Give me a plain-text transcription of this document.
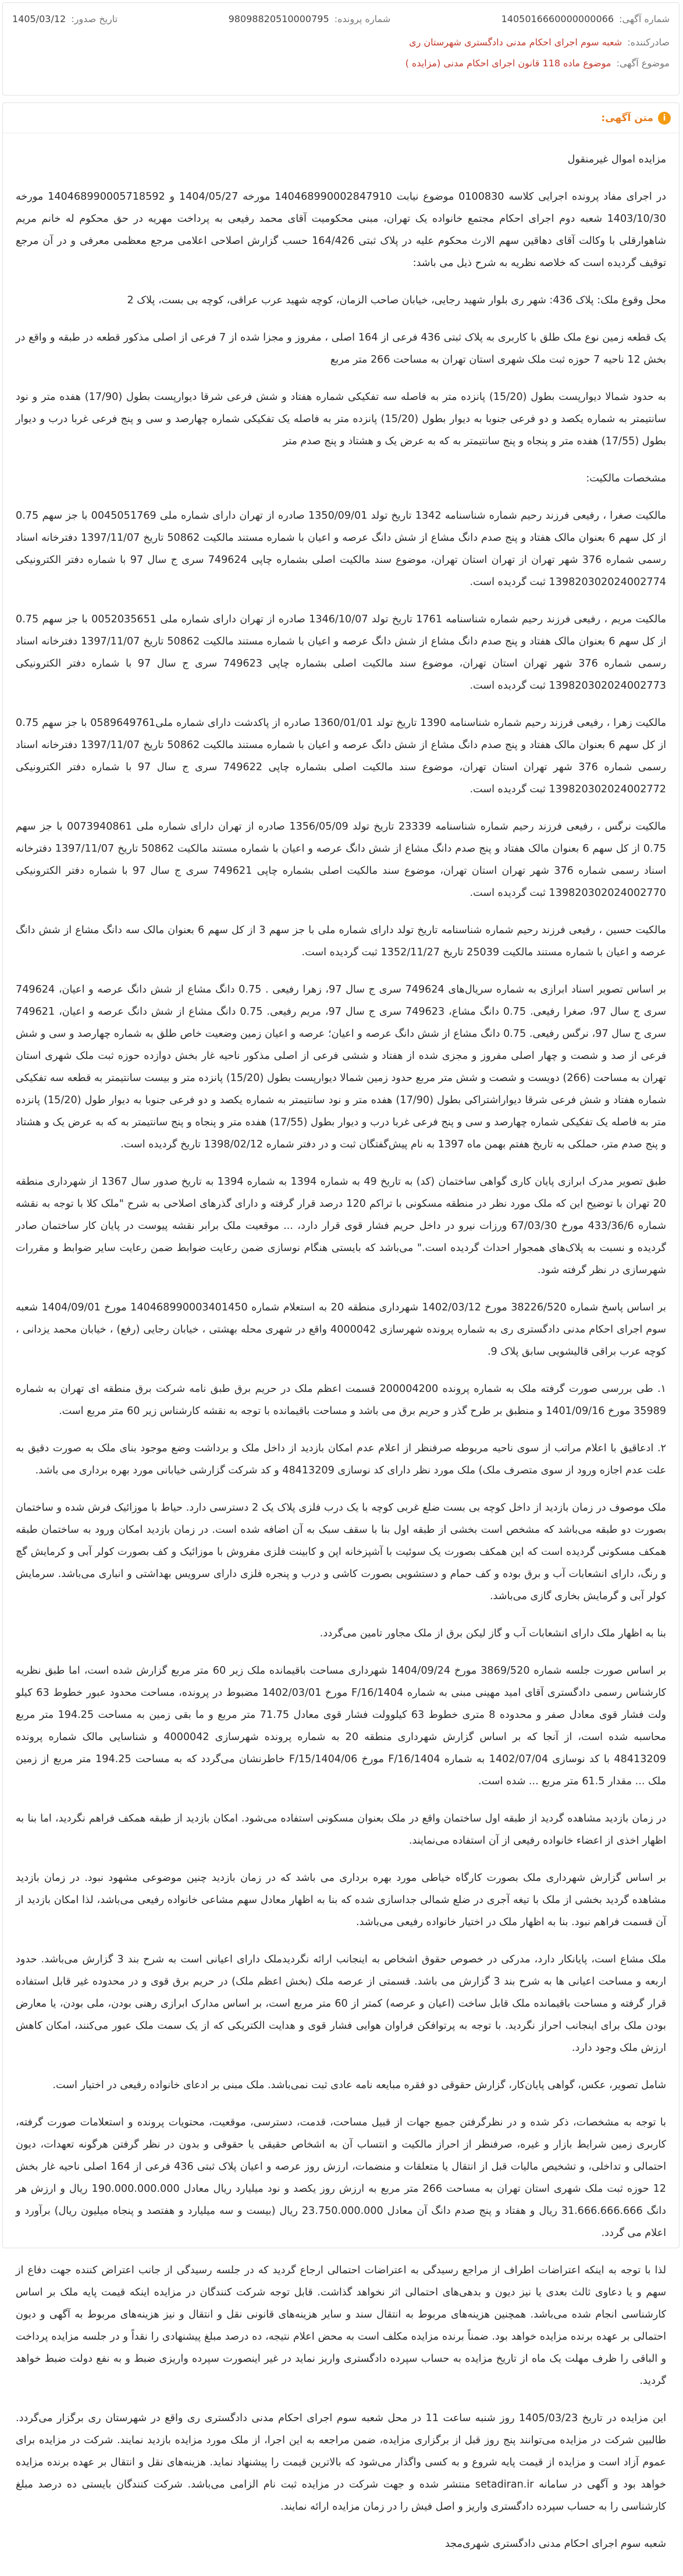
شماره آگهی: 1405016660000000066
شماره پرونده: 98098820510000795
تاریخ صدور: 1405/03/12
صادرکننده: شعبه سوم اجرای احکام مدنی دادگستری شهرستان ری
موضوع آگهی: موضوع ماده 118 قانون اجرای احکام مدنی (مزایده )
i
متن آگهی:

مزایده اموال غیرمنقول

در اجرای مفاد پرونده اجرایی کلاسه 0100830 موضوع نیابت 140468990002847910 مورخه 1404/05/27 و 140468990005718592 مورخه 1403/10/30 شعبه دوم اجرای احکام مجتمع خانواده یک تهران، مبنی محکومیت آقای محمد رفیعی به پرداخت مهریه در حق محکوم له خانم مریم شاهوارقلی با وکالت آقای دهاقین سهم الارث محکوم علیه در پلاک ثبتی 164/426 حسب گزارش اصلاحی اعلامی مرجع معظمی معرفی و در آن مرجع توقیف گردیده است که خلاصه نظریه به شرح ذیل می باشد:

محل وقوع ملک: پلاک 436: شهر ری بلوار شهید رجایی، خیابان صاحب الزمان، کوچه شهید عرب عراقی، کوچه بی بست، پلاک 2

یک قطعه زمین نوع ملک طلق با کاربری به پلاک ثبتی 436 فرعی از 164 اصلی ، مفروز و مجزا شده از 7 فرعی از اصلی مذکور قطعه در طبقه و واقع در بخش 12 ناحیه 7 حوزه ثبت ملک شهری استان تهران به مساحت 266 متر مربع

به حدود شمالا دیوارپست بطول (15/20) پانزده متر به فاصله سه تفکیکی شماره هفتاد و شش فرعی شرقا دیوارپست بطول (17/90) هفده متر و نود سانتیمتر به شماره یکصد و دو فرعی جنوبا به دیوار بطول (15/20) پانزده متر به فاصله یک تفکیکی شماره چهارصد و سی و پنج فرعی غربا درب و دیوار بطول (17/55) هفده متر و پنجاه و پنج سانتیمتر به که به عرض یک و هشتاد و پنج صدم متر

مشخصات مالکیت:

مالکیت صغرا ، رفیعی فرزند رحیم شماره شناسنامه 1342 تاریخ تولد 1350/09/01 صادره از تهران دارای شماره ملی 0045051769 با جز سهم 0.75 از کل سهم 6 بعنوان مالک هفتاد و پنج صدم دانگ مشاع از شش دانگ عرصه و اعیان با شماره مستند مالکیت 50862 تاریخ 1397/11/07 دفترخانه اسناد رسمی شماره 376 شهر تهران از تهران استان تهران، موضوع سند مالکیت اصلی بشماره چاپی 749624 سری ج سال 97 با شماره دفتر الکترونیکی 139820302024002774 ثبت گردیده است.

مالکیت مریم ، رفیعی فرزند رحیم شماره شناسنامه 1761 تاریخ تولد 1346/10/07 صادره از تهران دارای شماره ملی 0052035651 با جز سهم 0.75 از کل سهم 6 بعنوان مالک هفتاد و پنج صدم دانگ مشاع از شش دانگ عرصه و اعیان با شماره مستند مالکیت 50862 تاریخ 1397/11/07 دفترخانه اسناد رسمی شماره 376 شهر تهران استان تهران، موضوع سند مالکیت اصلی بشماره چاپی 749623 سری ج سال 97 با شماره دفتر الکترونیکی 139820302024002773 ثبت گردیده است.

مالکیت زهرا ، رفیعی فرزند رحیم شماره شناسنامه 1390 تاریخ تولد 1360/01/01 صادره از پاکدشت دارای شماره ملی0589649761 با جز سهم 0.75 از کل سهم 6 بعنوان مالک هفتاد و پنج صدم دانگ مشاع از شش دانگ عرصه و اعیان با شماره مستند مالکیت 50862 تاریخ 1397/11/07 دفترخانه اسناد رسمی شماره 376 شهر تهران استان تهران، موضوع سند مالکیت اصلی بشماره چاپی 749622 سری ج سال 97 با شماره دفتر الکترونیکی 139820302024002772 ثبت گردیده است.

مالکیت نرگس ، رفیعی فرزند رحیم شماره شناسنامه 23339 تاریخ تولد 1356/05/09 صادره از تهران دارای شماره ملی 0073940861 با جز سهم 0.75 از کل سهم 6 بعنوان مالک هفتاد و پنج صدم دانگ مشاع از شش دانگ عرصه و اعیان با شماره مستند مالکیت 50862 تاریخ 1397/11/07 دفترخانه اسناد رسمی شماره 376 شهر تهران استان تهران، موضوع سند مالکیت اصلی بشماره چاپی 749621 سری ج سال 97 با شماره دفتر الکترونیکی 139820302024002770 ثبت گردیده است.

مالکیت حسین ، رفیعی فرزند رحیم شماره شناسنامه تاریخ تولد دارای شماره ملی با جز سهم 3 از کل سهم 6 بعنوان مالک سه دانگ مشاع از شش دانگ عرصه و اعیان با شماره مستند مالکیت 25039 تاریخ 1352/11/27 ثبت گردیده است.

بر اساس تصویر اسناد ابرازی به شماره سریال‌های 749624 سری ج سال 97، زهرا رفیعی . 0.75 دانگ مشاع از شش دانگ عرصه و اعیان، 749624 سری ج سال 97، صغرا رفیعی. 0.75 دانگ مشاع، 749623 سری ج سال 97، مریم رفیعی. 0.75 دانگ مشاع از شش دانگ عرصه و اعیان، 749621 سری ج سال 97، نرگس رفیعی. 0.75 دانگ مشاع از شش دانگ عرصه و اعیان؛ عرصه و اعیان زمین وضعیت خاص طلق به شماره چهارصد و سی و شش فرعی از صد و شصت و چهار اصلی مفروز و مجزی شده از هفتاد و ششی فرعی از اصلی مذکور ناحیه غار بخش دوازده حوزه ثبت ملک شهری استان تهران به مساحت (266) دویست و شصت و شش متر مربع حدود زمین شمالا دیوارپست بطول (15/20) پانزده متر و بیست سانتیمتر به قطعه سه تفکیکی شماره هفتاد و شش فرعی شرقا دیواراشتراکی بطول (17/90) هفده متر و نود سانتیمتر به شماره یکصد و دو فرعی جنوبا به دیوار طول (15/20) پانزده متر به فاصله یک تفکیکی شماره چهارصد و سی و پنج فرعی غربا درب و دیوار بطول (17/55) هفده متر و پنجاه و پنج سانتیمتر به که به عرض یک و هشتاد و پنج صدم متر، حملکی به تاریخ هفتم بهمن ماه 1397 به نام پیش‌گفتگان ثبت و در دفتر شماره 1398/02/12 تاریخ گردیده است.

طبق تصویر مدرک ابرازی پایان کاری گواهی ساختمان (کد) به تاریخ 49 به شماره 1394 به شماره 1394 به تاریخ صدور سال 1367 از شهرداری منطقه 20 تهران با توضیح این که ملک مورد نظر در منطقه مسکونی با تراکم 120 درصد قرار گرفته و دارای گذرهای اصلاحی به شرح "ملک کلا با توجه به نقشه شماره 433/36/6 مورخ 67/03/30 ورزات نیرو در داخل حریم فشار قوی قرار دارد، ... موقعیت ملک برابر نقشه پیوست در پایان کار ساختمان صادر گردیده و نسبت به پلاک‌های همجوار احداث گردیده است." می‌باشد که بایستی هنگام نوسازی ضمن رعایت ضوابط ضمن رعایت سایر ضوابط و مقررات شهرسازی در نظر گرفته شود.

بر اساس پاسخ شماره 38226/520 مورخ 1402/03/12 شهرداری منطقه 20 به استعلام شماره 140468990003401450 مورخ 1404/09/01 شعبه سوم اجرای احکام مدنی دادگستری ری به شماره پرونده شهرسازی 4000042 واقع در شهری محله بهشتی ، خیابان رجایی (رفع) ، خیابان محمد یزدانی ، کوچه عرب براقی قالیشویی سابق پلاک 9.

۱. طی بررسی صورت گرفته ملک به شماره پرونده 200004200 قسمت اعظم ملک در حریم برق طبق نامه شرکت برق منطقه ای تهران به شماره 35989 مورخ 1401/09/16 و منطبق بر طرح گذر و حریم برق می باشد و مساحت باقیمانده با توجه به نقشه کارشناس زیر 60 متر مربع است.

۲. ادعاقیق با اعلام مراتب از سوی ناحیه مربوطه صرفنظر از اعلام عدم امکان بازدید از داخل ملک و برداشت وضع موجود بنای ملک به صورت دقیق به علت عدم اجازه ورود از سوی متصرف ملک) ملک مورد نظر دارای کد نوسازی 48413209 و کد شرکت گزارشی خیابانی مورد بهره برداری می باشد.

ملک موصوف در زمان بازدید از داخل کوچه بی بست ضلع غربی کوچه با یک درب فلزی پلاک یک 2 دسترسی دارد. حیاط با موزائیک فرش شده و ساختمان بصورت دو طبقه می‌باشد که مشخص است بخشی از طبقه اول بنا با سقف سبک به آن اضافه شده است. در زمان بازدید امکان ورود به ساختمان طبقه همکف مسکونی گردیده است که این همکف بصورت یک سوئیت با آشپزخانه اپن و کابینت فلزی مفروش با موزائیک و کف بصورت کولر آبی و کرمایش گچ و رنگ، دارای انشعابات آب و برق بوده و کف حمام و دستشویی بصورت کاشی و درب و پنجره فلزی دارای سرویس بهداشتی و انباری می‌باشد. سرمایش کولر آبی و گرمایش بخاری گازی می‌باشد.

بنا به اظهار ملک دارای انشعابات آب و گاز لیکن برق از ملک مجاور تامین می‌گردد.

بر اساس صورت جلسه شماره 3869/520 مورخ 1404/09/24 شهرداری مساحت باقیمانده ملک زیر 60 متر مربع گزارش شده است، اما طبق نظریه کارشناس رسمی دادگستری آقای امید مهینی مبنی به شماره 1404/F/16 مورخ 1402/03/01 مضبوط در پرونده، مساحت محدود عبور خطوط 63 کیلو ولت فشار قوی معادل صفر و محدوده 8 متری خطوط 63 کیلوولت فشار قوی معادل 71.75 متر مربع و ما بقی زمین به مساحت 194.25 متر مربع محاسبه شده است، از آنجا که بر اساس گزارش شهرداری منطقه 20 به شماره پرونده شهرسازی 4000042 و شناسایی مالک شماره پرونده 48413209 با کد نوسازی 1402/07/04 به شماره 1404/F/16 مورخ 1404/06/F/15 خاطرنشان می‌گردد که به مساحت 194.25 متر مربع از زمین ملک ... مقدار 61.5 متر مربع ... شده است.

در زمان بازدید مشاهده گردید از طبقه اول ساختمان واقع در ملک بعنوان مسکونی استفاده می‌شود. امکان بازدید از طبقه همکف فراهم نگردید، اما بنا به اظهار اخذی از اعضاء خانواده رفیعی از آن استفاده می‌نمایند.

بر اساس گزارش شهرداری ملک بصورت کارگاه خیاطی مورد بهره برداری می باشد که در زمان بازدید چنین موضوعی مشهود نبود. در زمان بازدید مشاهده گردید بخشی از ملک با تیغه آجری در ضلع شمالی جداسازی شده که بنا به اظهار معادل سهم مشاعی خانواده رفیعی می‌باشد، لذا امکان بازدید از آن قسمت فراهم نبود. بنا به اظهار ملک در اختیار خانواده رفیعی می‌باشد.

ملک مشاع است، پایانکار دارد، مدرکی در خصوص حقوق اشخاص به اینجانب ارائه نگردیدملک دارای اعیانی است به شرح بند 3 گزارش می‌باشد. حدود اربعه و مساحت اعیانی ها به شرح بند 3 گزارش می باشد. قسمتی از عرصه ملک (بخش اعظم ملک) در حریم برق قوی و در محدوده غیر قابل استفاده قرار گرفته و مساحت باقیمانده ملک قابل ساخت (اعیان و عرصه) کمتر از 60 متر مربع است، بر اساس مدارک ابرازی رهنی بودن، ملی بودن، یا معارض بودن ملک برای اینجانب احراز نگردید. با توجه به پرتوافکن فراوان هوایی فشار قوی و هدایت الکتریکی که از یک سمت ملک عبور می‌کنند، امکان کاهش ارزش ملک وجود دارد.

شامل تصویر، عکس، گواهی پایان‌کار، گزارش حقوقی دو فقره مبایعه نامه عادی ثبت نمی‌باشد. ملک مبنی بر ادعای خانواده رفیعی در اختیار است.

با توجه به مشخصات، ذکر شده و در نظرگرفتن جمیع جهات از قبیل مساحت، قدمت، دسترسی، موقعیت، محتویات پرونده و استعلامات صورت گرفته، کاربری زمین شرایط بازار و غیره، صرفنظر از احراز مالکیت و انتساب آن به اشخاص حقیقی یا حقوقی و بدون در نظر گرفتن هرگونه تعهدات، دیون احتمالی و تداخلی، و تشخیص مالیات قبل از انتقال یا متعلقات و منضمات، ارزش روز عرصه و اعیان پلاک ثبتی 436 فرعی از 164 اصلی ناحیه غار بخش 12 حوزه ثبت ملک شهری استان تهران به مساحت 266 متر مربع به ارزش روز یکصد و نود میلیارد ریال معادل 190.000.000.000 ریال و ارزش هر دانگ 31.666.666.666 ریال و هفتاد و پنج صدم دانگ آن معادل 23.750.000.000 ریال (بیست و سه میلیارد و هفتصد و پنجاه میلیون ریال) برآورد و اعلام می گردد.

لذا با توجه به اینکه اعتراضات اطراف از مراجع رسیدگی به اعتراضات احتمالی ارجاع گردید که در جلسه رسیدگی از جانب اعتراض کننده جهت دفاع از سهم و یا دعاوی ثالث بعدی یا نیز دیون و بدهی‌های احتمالی اثر نخواهد گذاشت. قابل توجه شرکت کنندگان در مزایده اینکه قیمت پایه ملک بر اساس کارشناسی انجام شده می‌باشد. همچنین هزینه‌های مربوط به انتقال سند و سایر هزینه‌های قانونی نقل و انتقال و نیز هزینه‌های مربوط به آگهی و دیون احتمالی بر عهده برنده مزایده خواهد بود. ضمناً برنده مزایده مکلف است به محض اعلام نتیجه، ده درصد مبلغ پیشنهادی را نقداً و در جلسه مزایده پرداخت و الباقی را ظرف مهلت یک ماه از تاریخ مزایده به حساب سپرده دادگستری واریز نماید در غیر اینصورت سپرده واریزی ضبط و به نفع دولت ضبط خواهد گردید.

این مزایده در تاریخ 1405/03/23 روز شنبه ساعت 11 در محل شعبه سوم اجرای احکام مدنی دادگستری ری واقع در شهرستان ری برگزار می‌گردد. طالبین شرکت در مزایده می‌توانند پنج روز قبل از برگزاری مزایده، ضمن مراجعه به این اجرا، از ملک مورد مزایده بازدید نمایند. شرکت در مزایده برای عموم آزاد است و مزایده از قیمت پایه شروع و به کسی واگذار می‌شود که بالاترین قیمت را پیشنهاد نماید. هزینه‌های نقل و انتقال بر عهده برنده مزایده خواهد بود و آگهی در سامانه setadiran.ir منتشر شده و جهت شرکت در مزایده ثبت نام الزامی می‌باشد. شرکت کنندگان بایستی ده درصد مبلغ کارشناسی را به حساب سپرده دادگستری واریز و اصل فیش را در زمان مزایده ارائه نمایند.

شعبه سوم اجرای احکام مدنی دادگستری شهری‌مجد
